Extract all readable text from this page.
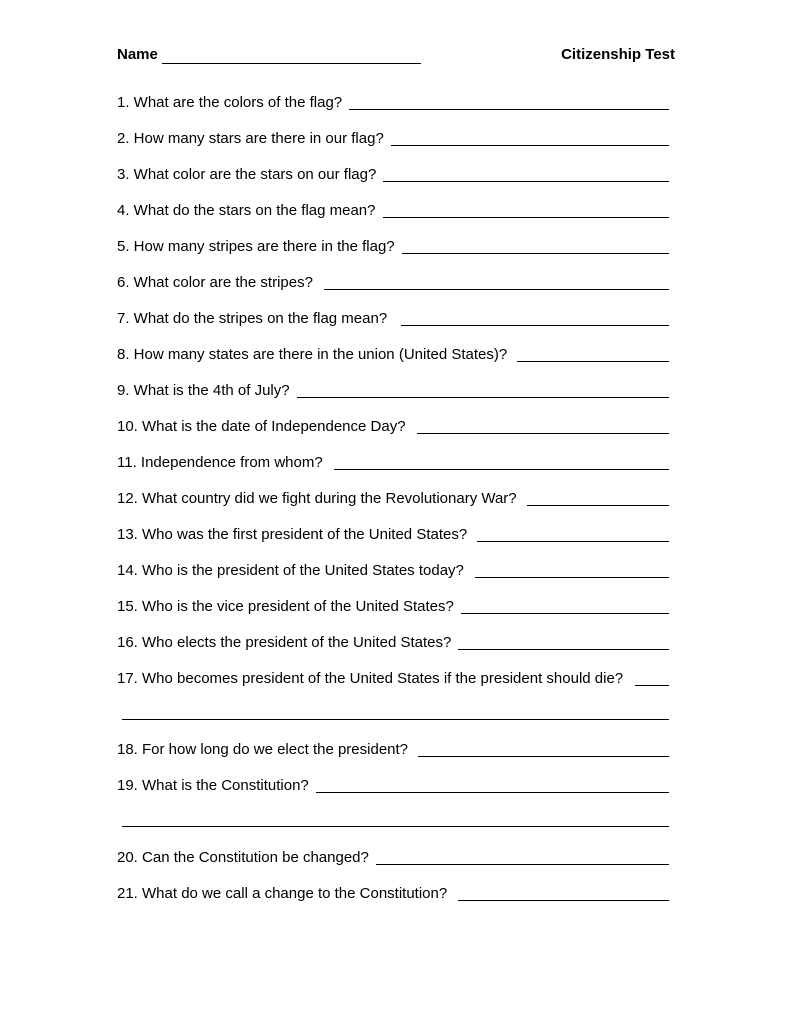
Name	Citizenship Test
1. What are the colors of the flag?
2. How many stars are there in our flag?
3. What color are the stars on our flag?
4. What do the stars on the flag mean?
5. How many stripes are there in the flag?
6. What color are the stripes?
7. What do the stripes on the flag mean?
8. How many states are there in the union (United States)?
9. What is the 4th of July?
10. What is the date of Independence Day?
11. Independence from whom?
12. What country did we fight during the Revolutionary War?
13. Who was the first president of the United States?
14. Who is the president of the United States today?
15. Who is the vice president of the United States?
16. Who elects the president of the United States?
17. Who becomes president of the United States if the president should die?
18. For how long do we elect the president?
19. What is the Constitution?
20. Can the Constitution be changed?
21. What do we call a change to the Constitution?
